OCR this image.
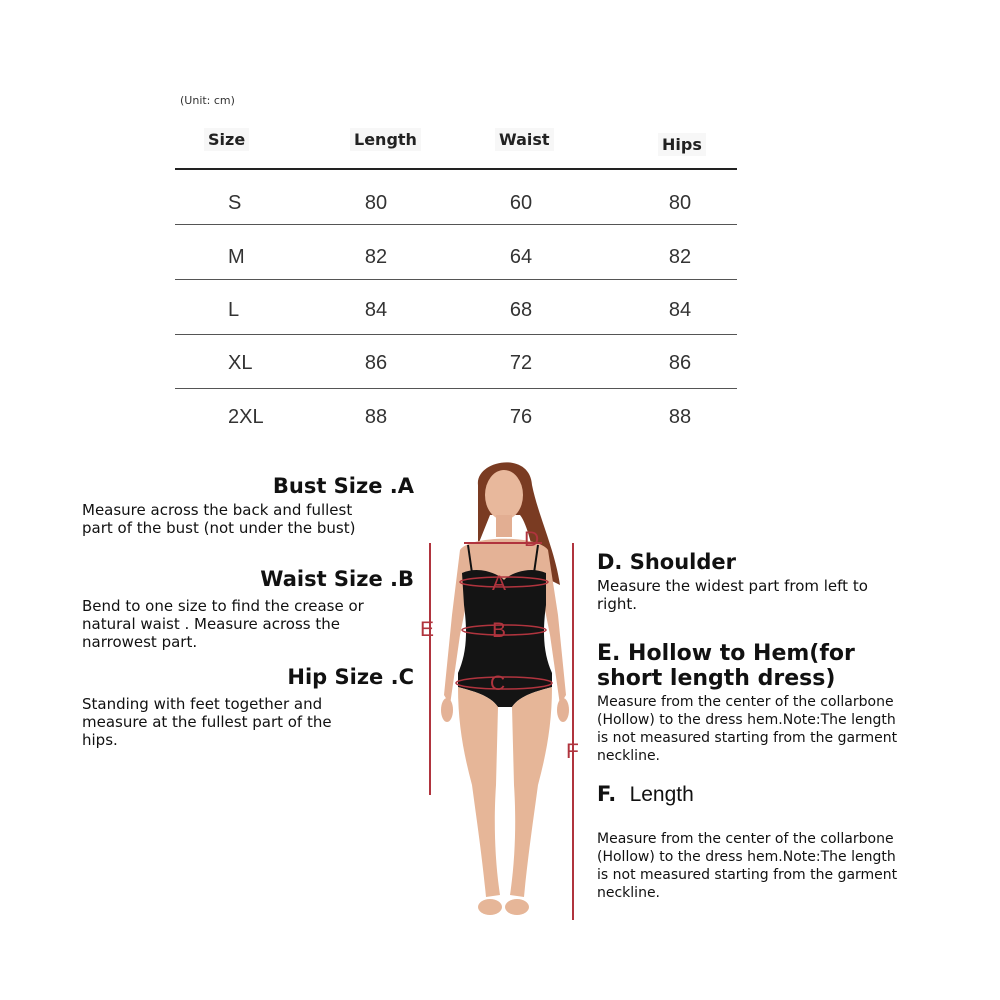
(Unit: cm)
Size	Length	Waist	Hips
S	80	60	80
M	82	64	82
L	84	68	84
XL	86	72	86
2XL	88	76	88
Bust Size .A
Measure across the back and fullest
part of the bust (not under the bust)
Waist Size .B
Bend to one size to find the crease or
natural waist . Measure across the
narrowest part.
Hip Size .C
Standing with feet together and
measure at the fullest part of the
hips.
D
A
B
C
E
F
D. Shoulder
Measure the widest part from left to
right.
E. Hollow to Hem(for
short length dress)
Measure from the center of the collarbone
(Hollow) to the dress hem.Note:The length
is not measured starting from the garment
neckline.
F. Length
Measure from the center of the collarbone
(Hollow) to the dress hem.Note:The length
is not measured starting from the garment
neckline.
